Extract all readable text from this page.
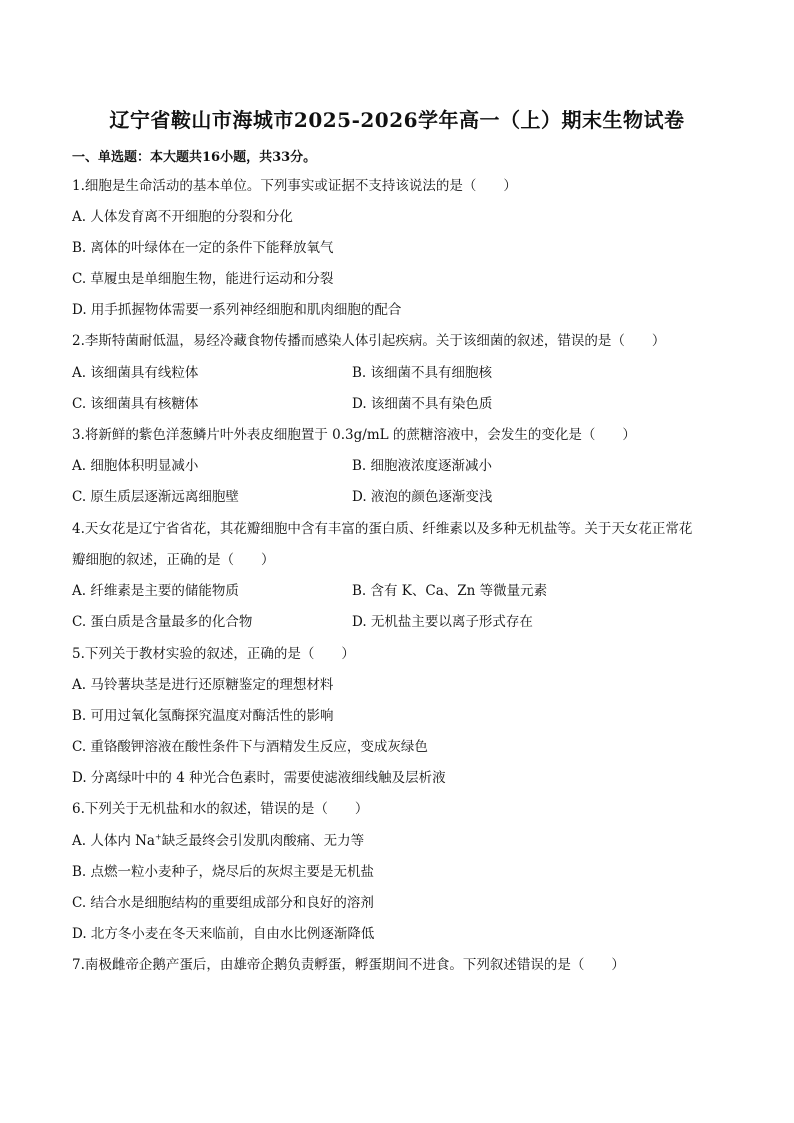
辽宁省鞍山市海城市2025-2026学年高一（上）期末生物试卷
一、单选题：本大题共16小题，共33分。
1.细胞是生命活动的基本单位。下列事实或证据不支持该说法的是（　　）
A. 人体发育离不开细胞的分裂和分化
B. 离体的叶绿体在一定的条件下能释放氧气
C. 草履虫是单细胞生物，能进行运动和分裂
D. 用手抓握物体需要一系列神经细胞和肌肉细胞的配合
2.李斯特菌耐低温，易经冷藏食物传播而感染人体引起疾病。关于该细菌的叙述，错误的是（　　）
A. 该细菌具有线粒体	B. 该细菌不具有细胞核
C. 该细菌具有核糖体	D. 该细菌不具有染色质
3.将新鲜的紫色洋葱鳞片叶外表皮细胞置于 0.3g/mL 的蔗糖溶液中，会发生的变化是（　　）
A. 细胞体积明显减小	B. 细胞液浓度逐渐减小
C. 原生质层逐渐远离细胞壁	D. 液泡的颜色逐渐变浅
4.天女花是辽宁省省花，其花瓣细胞中含有丰富的蛋白质、纤维素以及多种无机盐等。关于天女花正常花
瓣细胞的叙述，正确的是（　　）
A. 纤维素是主要的储能物质	B. 含有 K、Ca、Zn 等微量元素
C. 蛋白质是含量最多的化合物	D. 无机盐主要以离子形式存在
5.下列关于教材实验的叙述，正确的是（　　）
A. 马铃薯块茎是进行还原糖鉴定的理想材料
B. 可用过氧化氢酶探究温度对酶活性的影响
C. 重铬酸钾溶液在酸性条件下与酒精发生反应，变成灰绿色
D. 分离绿叶中的 4 种光合色素时，需要使滤液细线触及层析液
6.下列关于无机盐和水的叙述，错误的是（　　）
A. 人体内 Na+缺乏最终会引发肌肉酸痛、无力等
B. 点燃一粒小麦种子，烧尽后的灰烬主要是无机盐
C. 结合水是细胞结构的重要组成部分和良好的溶剂
D. 北方冬小麦在冬天来临前，自由水比例逐渐降低
7.南极雌帝企鹅产蛋后，由雄帝企鹅负责孵蛋，孵蛋期间不进食。下列叙述错误的是（　　）
